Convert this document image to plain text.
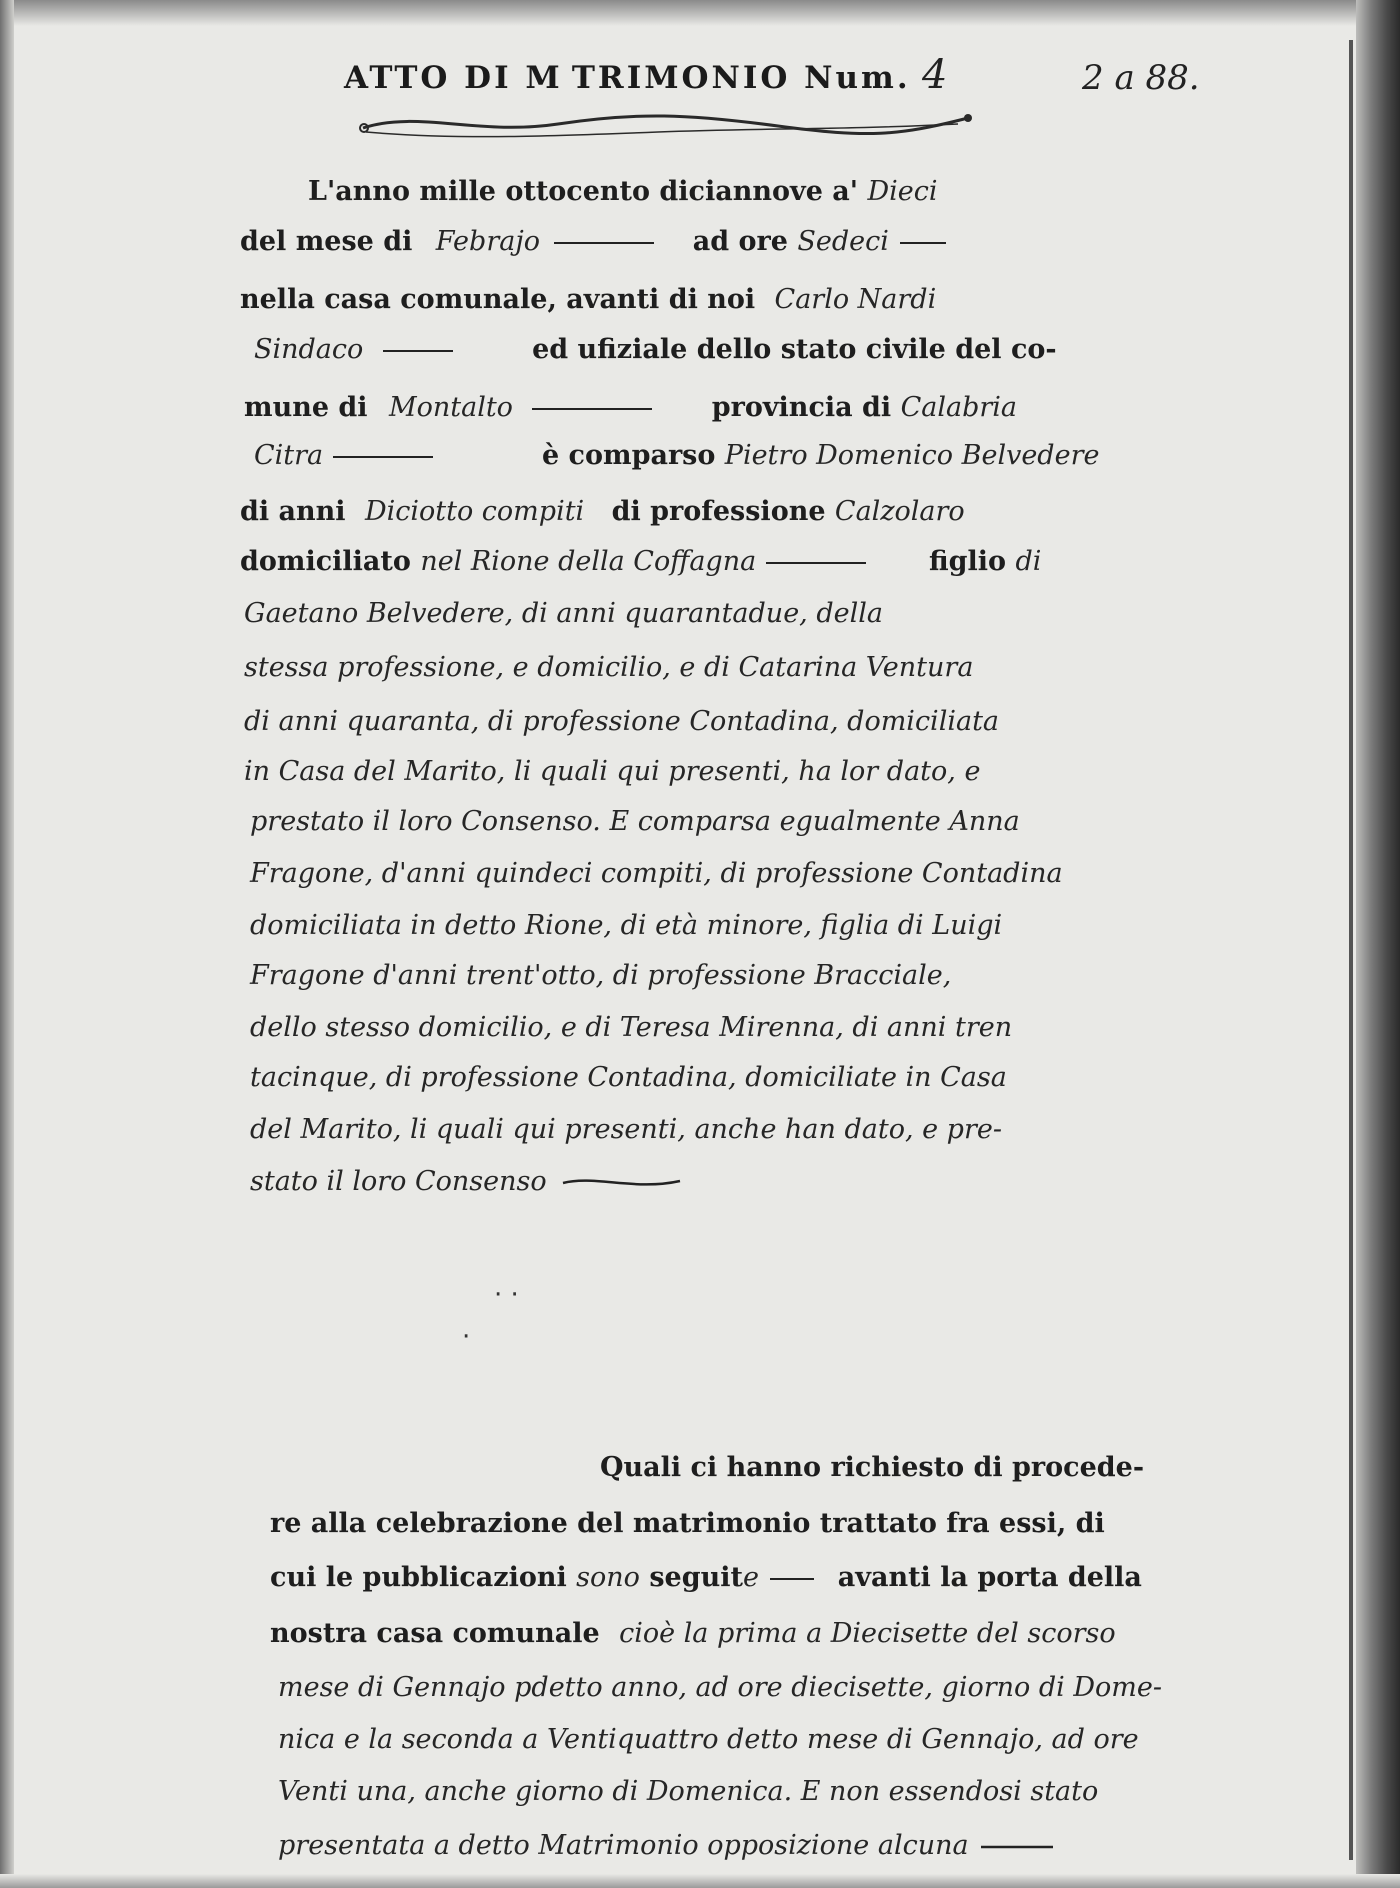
ATTO DI M TRIMONIO Num. 4	2 a 88.
L'anno mille ottocento diciannove a' Dieci
del mese di Febrajo	ad ore Sedeci
nella casa comunale, avanti di noi Carlo Nardi
Sindaco	ed ufiziale dello stato civile del co-
mune di Montalto	provincia di Calabria
Citra	è comparso Pietro Domenico Belvedere
di anni Diciotto compiti di professione Calzolaro
domiciliato nel Rione della Coffagna	figlio di
Gaetano Belvedere, di anni quarantadue, della
stessa professione, e domicilio, e di Catarina Ventura
di anni quaranta, di professione Contadina, domiciliata
in Casa del Marito, li quali qui presenti, ha lor dato, e
prestato il loro Consenso. E comparsa egualmente Anna
Fragone, d'anni quindeci compiti, di professione Contadina
domiciliata in detto Rione, di età minore, figlia di Luigi
Fragone d'anni trent'otto, di professione Bracciale,
dello stesso domicilio, e di Teresa Mirenna, di anni tren
tacinque, di professione Contadina, domiciliate in Casa
del Marito, li quali qui presenti, anche han dato, e pre-
stato il loro Consenso
· ·
·
Quali ci hanno richiesto di procede-
re alla celebrazione del matrimonio trattato fra essi, di
cui le pubblicazioni sono seguite	avanti la porta della
nostra casa comunale cioè la prima a Diecisette del scorso
mese di Gennajo pdetto anno, ad ore diecisette, giorno di Dome-
nica e la seconda a Ventiquattro detto mese di Gennajo, ad ore
Venti una, anche giorno di Domenica. E non essendosi stato
presentata a detto Matrimonio opposizione alcuna
